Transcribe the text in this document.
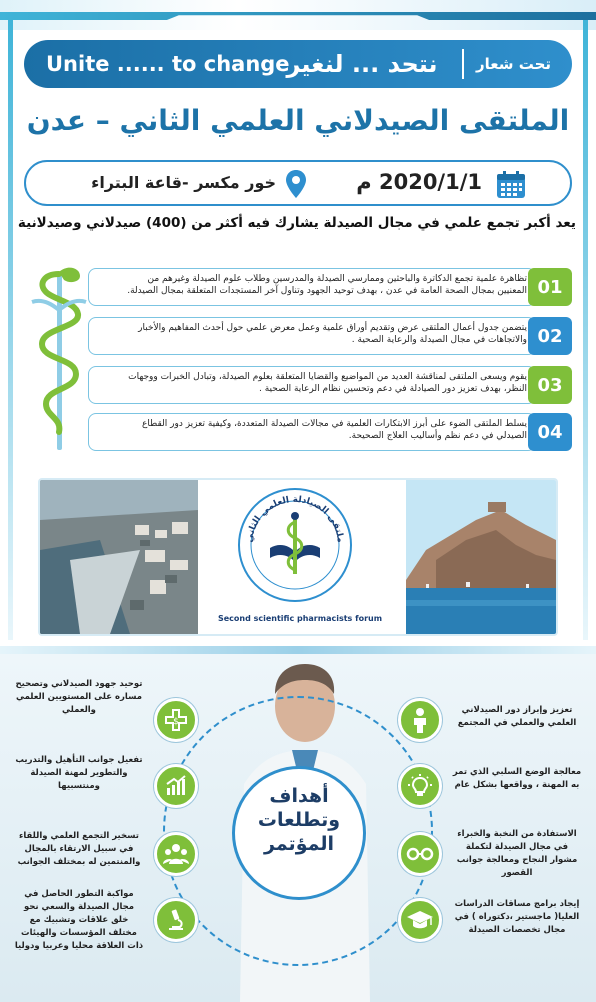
Unite ...... to change
نتحد ... لنغير	تحت شعار
الملتقى الصيدلاني العلمي الثاني – عدن
خور مكسر -قاعة البتراء	2020/1/1 م
يعد أكبر تجمع علمي في مجال الصيدلة يشارك فيه أكثر من (400) صيدلاني وصيدلانية
تظاهرة علمية تجمع الدكاترة والباحثين وممارسي الصيدلة والمدرسين وطلاب علوم الصيدلة وغيرهم من المعنيين بمجال الصحة العامة في عدن ، بهدف توحيد الجهود وتناول آخر المستجدات المتعلقة بمجال الصيدلة. 01
يتضمن جدول أعمال الملتقى عرض وتقديم أوراق علمية وعمل معرض علمي حول أحدث المفاهيم والأخبار والاتجاهات في مجال الصيدلة والرعاية الصحية . 02
يقوم ويسعى الملتقى لمناقشة العديد من المواضيع والقضايا المتعلقة بعلوم الصيدلة، وتبادل الخبرات ووجهات النظر، بهدف تعزيز دور الصيادلة في دعم وتحسين نظام الرعاية الصحية . 03
يسلط الملتقى الضوء على أبرز الابتكارات العلمية في مجالات الصيدلة المتعددة، وكيفية تعزيز دور القطاع الصيدلي في دعم نظم وأساليب العلاج الصحيحة. 04
ملتقى الصيادلة العلمي الثاني
Second scientific pharmacists forum
أهداف
وتطلعات
المؤتمر
توحيد جهود الصيدلاني وتصحيح مساره على المستويين العلمي والعملي
$
تفعيل جوانب التأهيل والتدريب والتطوير لمهنة الصيدلة ومنتسبيها
تسخير التجمع العلمي واللقاء في سبيل الارتقاء بالمجال والمنتمين له بمختلف الجوانب
مواكبة التطور الحاصل في مجال الصيدلة والسعي نحو خلق علاقات وتشبيك مع مختلف المؤسسات والهيئات ذات العلاقة محليا وعربيا ودوليا
تعزيز وإبراز دور الصيدلاني العلمي والعملي في المجتمع
معالجة الوضع السلبي الذي تمر به المهنة ، وواقعها بشكل عام
الاستفادة من النخبة والخبراء في مجال الصيدلة لتكملة مشوار النجاح ومعالجة جوانب القصور
إيجاد برامج مساقات الدراسات العليا( ماجستير ،دكتوراه ) في مجال تخصصات الصيدلة
